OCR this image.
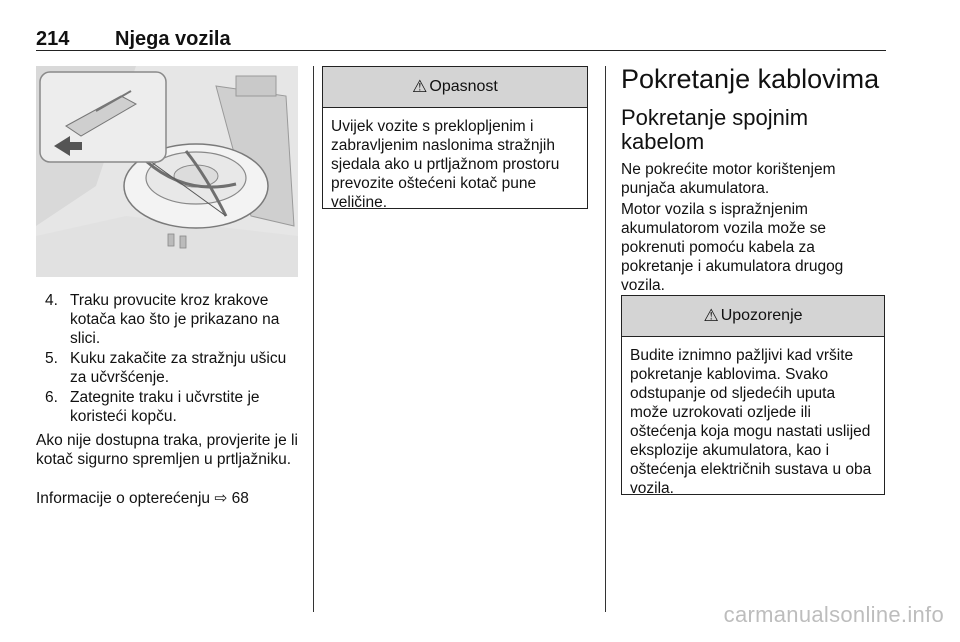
214 Njega vozila
4. Traku provucite kroz krakove kotača kao što je prikazano na slici.
5. Kuku zakačite za stražnju ušicu za učvršćenje.
6. Zategnite traku i učvrstite je koristeći kopču.
Ako nije dostupna traka, provjerite je li kotač sigurno spremljen u prtljažniku.
Informacije o opterećenju ⇨ 68
⚠ Opasnost
Uvijek vozite s preklopljenim i zabravljenim naslonima stražnjih sjedala ako u prtljažnom prostoru prevozite oštećeni kotač pune veličine.
Pokretanje kablovima
Pokretanje spojnim kabelom
Ne pokrećite motor korištenjem punjača akumulatora.
Motor vozila s ispražnjenim akumulatorom vozila može se pokrenuti pomoću kabela za pokretanje i akumulatora drugog vozila.
⚠ Upozorenje
Budite iznimno pažljivi kad vršite pokretanje kablovima. Svako odstupanje od sljedećih uputa može uzrokovati ozljede ili oštećenja koja mogu nastati uslijed eksplozije akumulatora, kao i oštećenja električnih sustava u oba vozila.
carmanualsonline.info
